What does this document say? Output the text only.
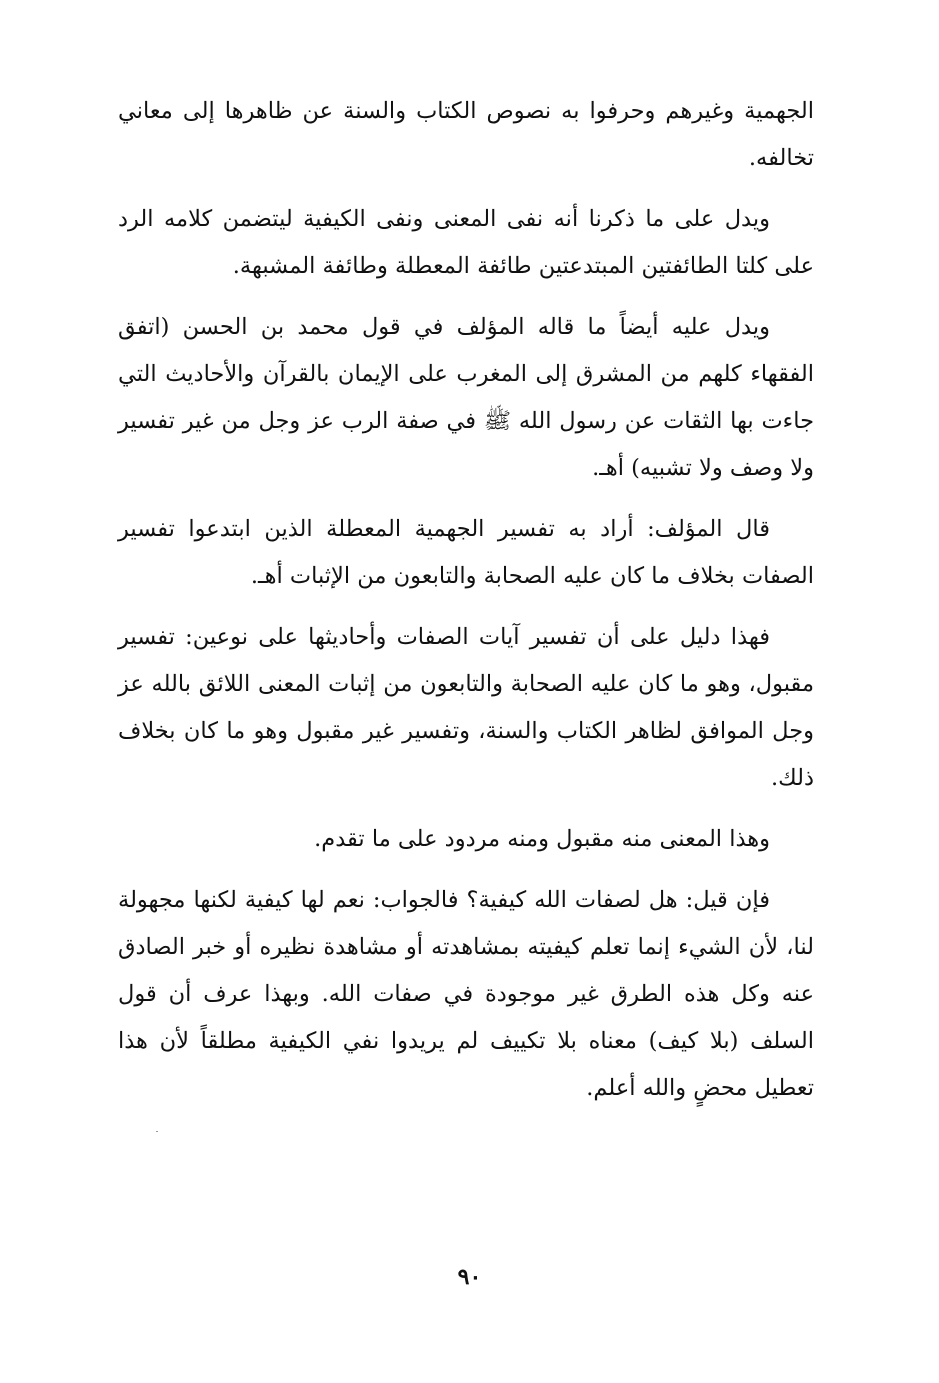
الجهمية وغيرهم وحرفوا به نصوص الكتاب والسنة عن ظاهرها إلى معاني تخالفه.

ويدل على ما ذكرنا أنه نفى المعنى ونفى الكيفية ليتضمن كلامه الرد على كلتا الطائفتين المبتدعتين طائفة المعطلة وطائفة المشبهة.

ويدل عليه أيضاً ما قاله المؤلف في قول محمد بن الحسن (اتفق الفقهاء كلهم من المشرق إلى المغرب على الإيمان بالقرآن والأحاديث التي جاءت بها الثقات عن رسول الله ﷺ في صفة الرب عز وجل من غير تفسير ولا وصف ولا تشبيه) أهـ.

قال المؤلف: أراد به تفسير الجهمية المعطلة الذين ابتدعوا تفسير الصفات بخلاف ما كان عليه الصحابة والتابعون من الإثبات أهـ.

فهذا دليل على أن تفسير آيات الصفات وأحاديثها على نوعين: تفسير مقبول، وهو ما كان عليه الصحابة والتابعون من إثبات المعنى اللائق بالله عز وجل الموافق لظاهر الكتاب والسنة، وتفسير غير مقبول وهو ما كان بخلاف ذلك.

وهذا المعنى منه مقبول ومنه مردود على ما تقدم.

فإن قيل: هل لصفات الله كيفية؟ فالجواب: نعم لها كيفية لكنها مجهولة لنا، لأن الشيء إنما تعلم كيفيته بمشاهدته أو مشاهدة نظيره أو خبر الصادق عنه وكل هذه الطرق غير موجودة في صفات الله. وبهذا عرف أن قول السلف (بلا كيف) معناه بلا تكييف لم يريدوا نفي الكيفية مطلقاً لأن هذا تعطيل محضٍ والله أعلم.

٩٠
